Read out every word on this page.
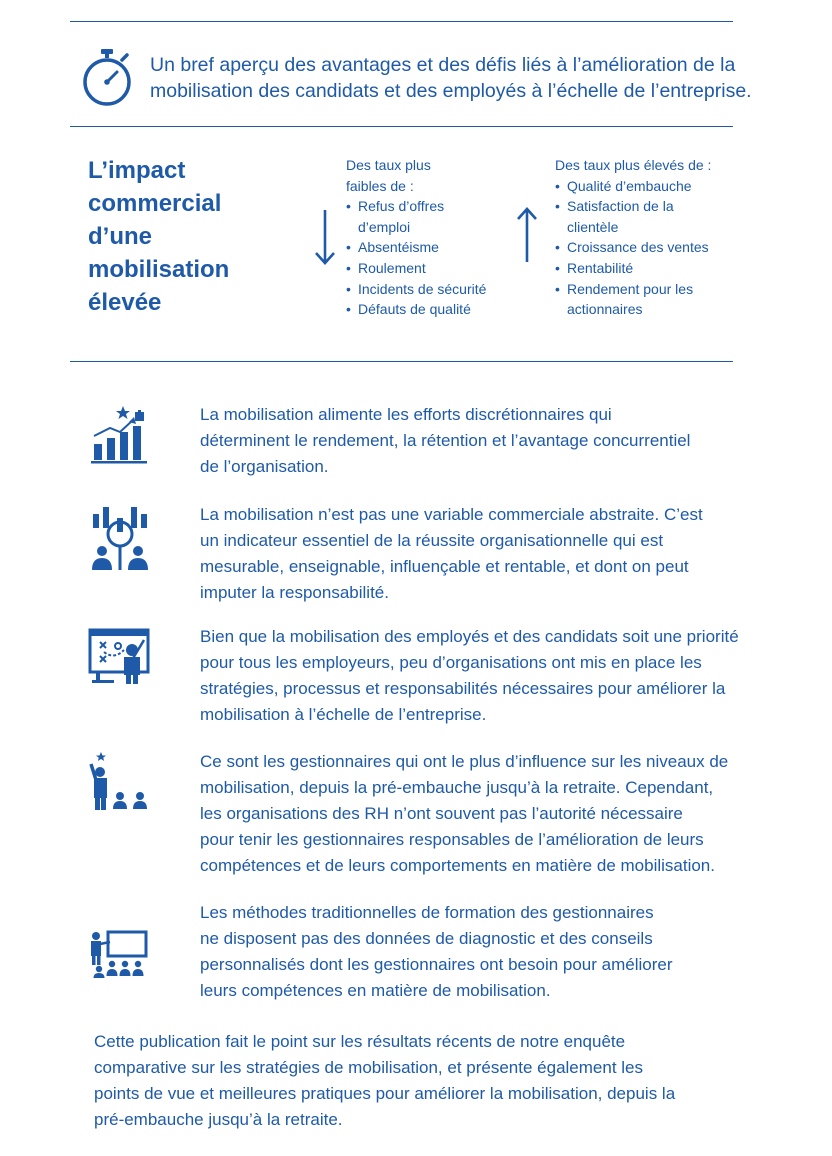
Un bref aperçu des avantages et des défis liés à l’amélioration de la
mobilisation des candidats et des employés à l’échelle de l’entreprise.
L’impact
commercial
d’une
mobilisation
élevée
Des taux plus
faibles de :
• Refus d’offres
d’emploi
• Absentéisme
• Roulement
• Incidents de sécurité
• Défauts de qualité
Des taux plus élevés de :
• Qualité d’embauche
• Satisfaction de la
clientèle
• Croissance des ventes
• Rentabilité
• Rendement pour les
actionnaires
La mobilisation alimente les efforts discrétionnaires qui
déterminent le rendement, la rétention et l’avantage concurrentiel
de l’organisation.
La mobilisation n’est pas une variable commerciale abstraite. C’est
un indicateur essentiel de la réussite organisationnelle qui est
mesurable, enseignable, influençable et rentable, et dont on peut
imputer la responsabilité.
Bien que la mobilisation des employés et des candidats soit une priorité
pour tous les employeurs, peu d’organisations ont mis en place les
stratégies, processus et responsabilités nécessaires pour améliorer la
mobilisation à l’échelle de l’entreprise.
Ce sont les gestionnaires qui ont le plus d’influence sur les niveaux de
mobilisation, depuis la pré-embauche jusqu’à la retraite. Cependant,
les organisations des RH n’ont souvent pas l’autorité nécessaire
pour tenir les gestionnaires responsables de l’amélioration de leurs
compétences et de leurs comportements en matière de mobilisation.
Les méthodes traditionnelles de formation des gestionnaires
ne disposent pas des données de diagnostic et des conseils
personnalisés dont les gestionnaires ont besoin pour améliorer
leurs compétences en matière de mobilisation.
Cette publication fait le point sur les résultats récents de notre enquête
comparative sur les stratégies de mobilisation, et présente également les
points de vue et meilleures pratiques pour améliorer la mobilisation, depuis la
pré-embauche jusqu’à la retraite.
